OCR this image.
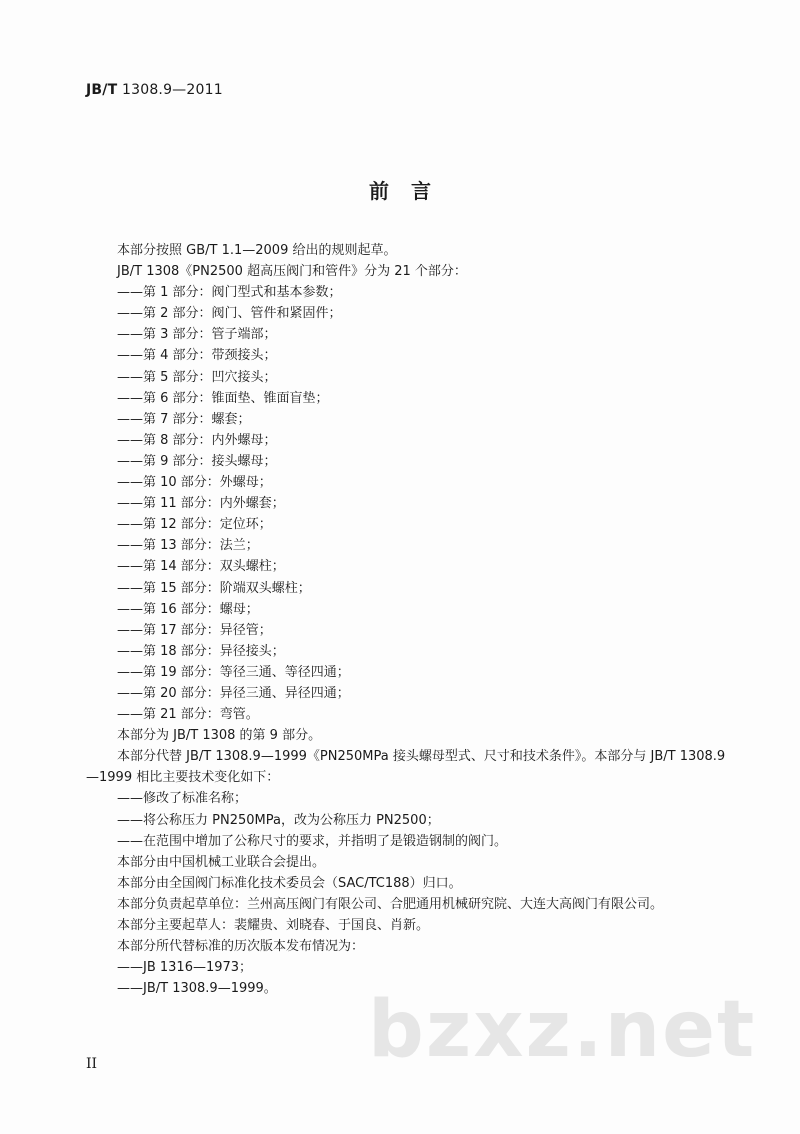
JB/T 1308.9—2011
前言

本部分按照 GB/T 1.1—2009 给出的规则起草。

JB/T 1308《PN2500 超高压阀门和管件》分为 21 个部分：

——第 1 部分：阀门型式和基本参数；

——第 2 部分：阀门、管件和紧固件；

——第 3 部分：管子端部；

——第 4 部分：带颈接头；

——第 5 部分：凹穴接头；

——第 6 部分：锥面垫、锥面盲垫；

——第 7 部分：螺套；

——第 8 部分：内外螺母；

——第 9 部分：接头螺母；

——第 10 部分：外螺母；

——第 11 部分：内外螺套；

——第 12 部分：定位环；

——第 13 部分：法兰；

——第 14 部分：双头螺柱；

——第 15 部分：阶端双头螺柱；

——第 16 部分：螺母；

——第 17 部分：异径管；

——第 18 部分：异径接头；

——第 19 部分：等径三通、等径四通；

——第 20 部分：异径三通、异径四通；

——第 21 部分：弯管。

本部分为 JB/T 1308 的第 9 部分。

本部分代替 JB/T 1308.9—1999《PN250MPa 接头螺母型式、尺寸和技术条件》。本部分与 JB/T 1308.9—1999 相比主要技术变化如下：

——修改了标准名称；

——将公称压力 PN250MPa，改为公称压力 PN2500；

——在范围中增加了公称尺寸的要求，并指明了是锻造钢制的阀门。

本部分由中国机械工业联合会提出。

本部分由全国阀门标准化技术委员会（SAC/TC188）归口。

本部分负责起草单位：兰州高压阀门有限公司、合肥通用机械研究院、大连大高阀门有限公司。

本部分主要起草人：裴耀贵、刘晓春、于国良、肖新。

本部分所代替标准的历次版本发布情况为：

——JB 1316—1973；

——JB/T 1308.9—1999。	bzxz.net
II
